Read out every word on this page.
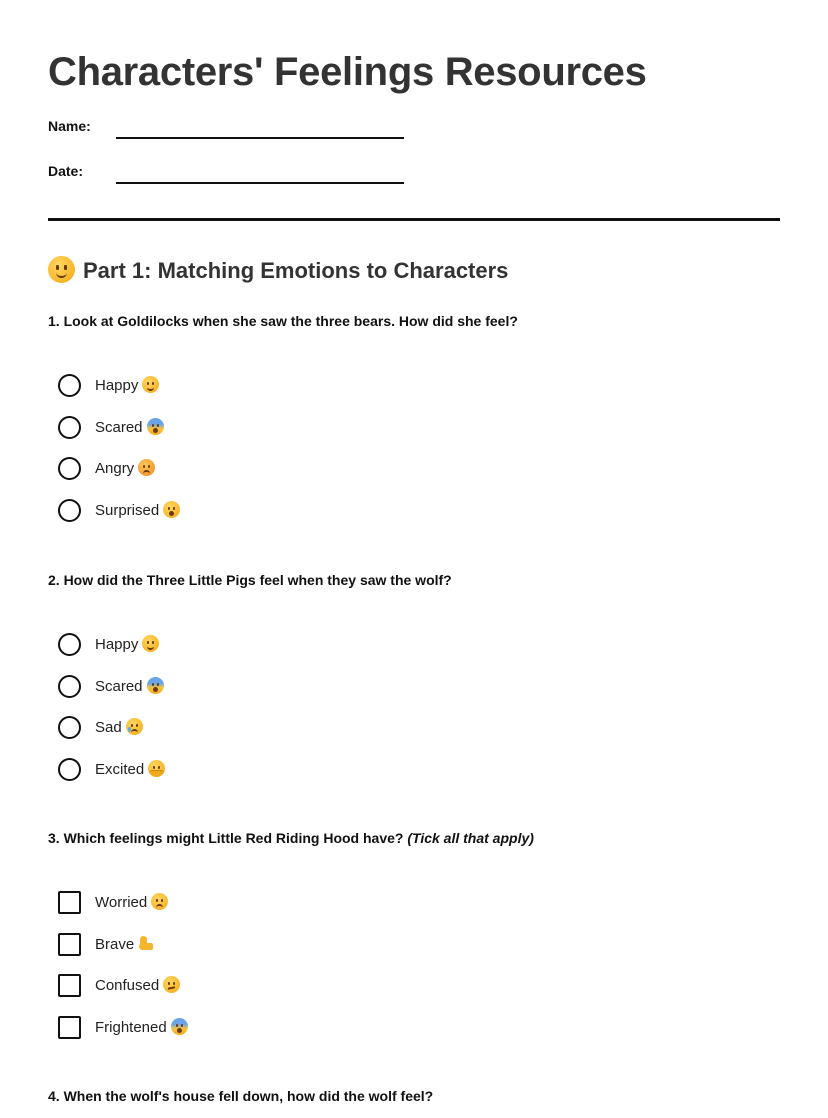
Characters' Feelings Resources
Name:
Date:
Part 1: Matching Emotions to Characters

1. Look at Goldilocks when she saw the three bears. How did she feel?

Happy
Scared
Angry
Surprised

2. How did the Three Little Pigs feel when they saw the wolf?

Happy
Scared
Sad
Excited

3. Which feelings might Little Red Riding Hood have? (Tick all that apply)

Worried
Brave
Confused
Frightened

4. When the wolf's house fell down, how did the wolf feel?
